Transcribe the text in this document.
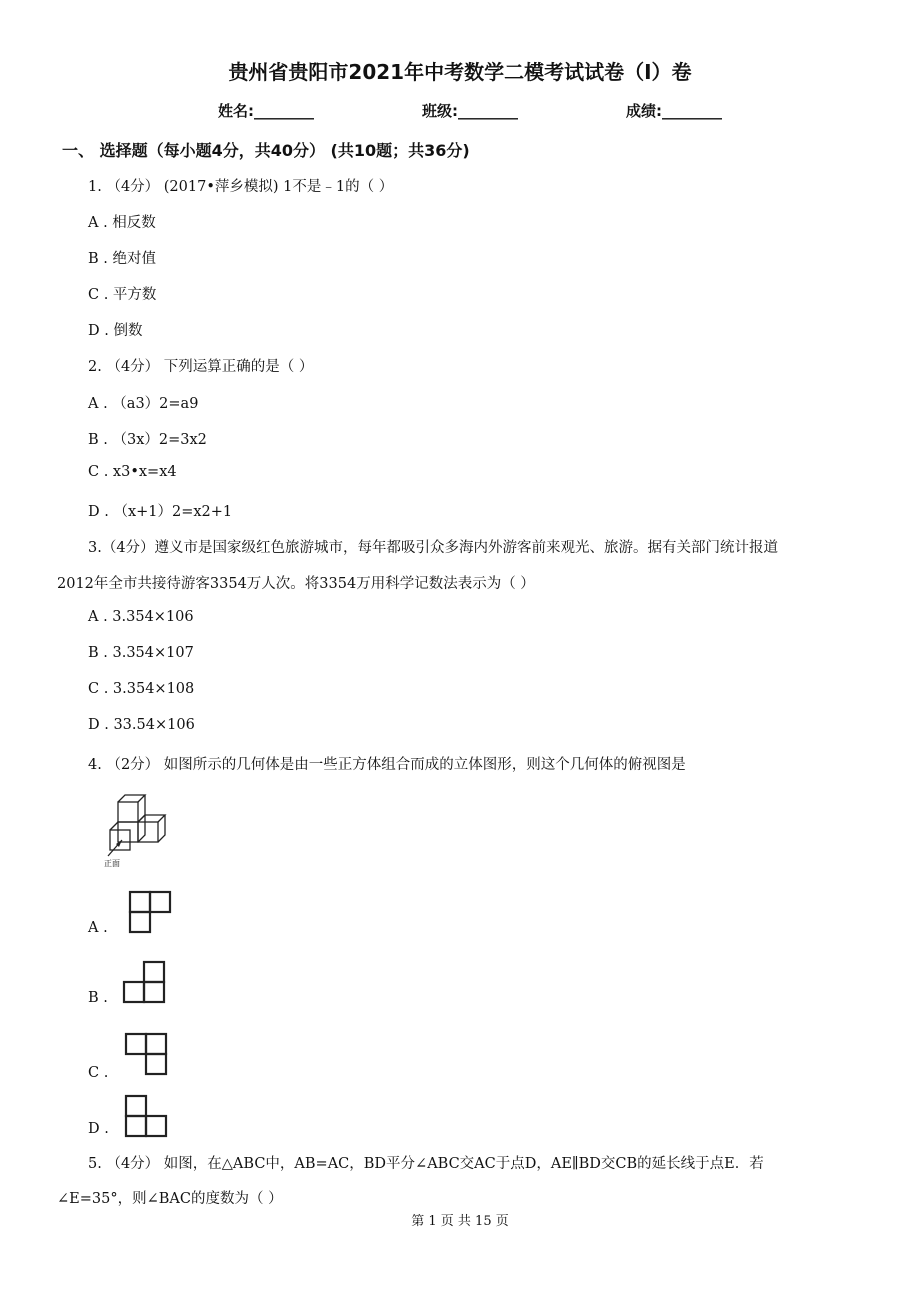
贵州省贵阳市2021年中考数学二模考试试卷（I）卷
姓名:________	班级:________	成绩:________
一、 选择题（每小题4分，共40分） (共10题；共36分)
1. （4分） (2017•萍乡模拟) 1不是﹣1的（ ）
A . 相反数
B . 绝对值
C . 平方数
D . 倒数
2. （4分） 下列运算正确的是（ ）
A . （a3）2=a9
B . （3x）2=3x2
C . x3•x=x4
D . （x+1）2=x2+1
3.（4分）遵义市是国家级红色旅游城市，每年都吸引众多海内外游客前来观光、旅游。据有关部门统计报道
2012年全市共接待游客3354万人次。将3354万用科学记数法表示为（ ）
A . 3.354×106
B . 3.354×107
C . 3.354×108
D . 33.54×106
4. （2分） 如图所示的几何体是由一些正方体组合而成的立体图形，则这个几何体的俯视图是
正面
A .
B .
C .
D .
5. （4分） 如图，在△ABC中，AB=AC，BD平分∠ABC交AC于点D，AE∥BD交CB的延长线于点E．若
∠E=35°，则∠BAC的度数为（ ）
第 1 页 共 15 页
